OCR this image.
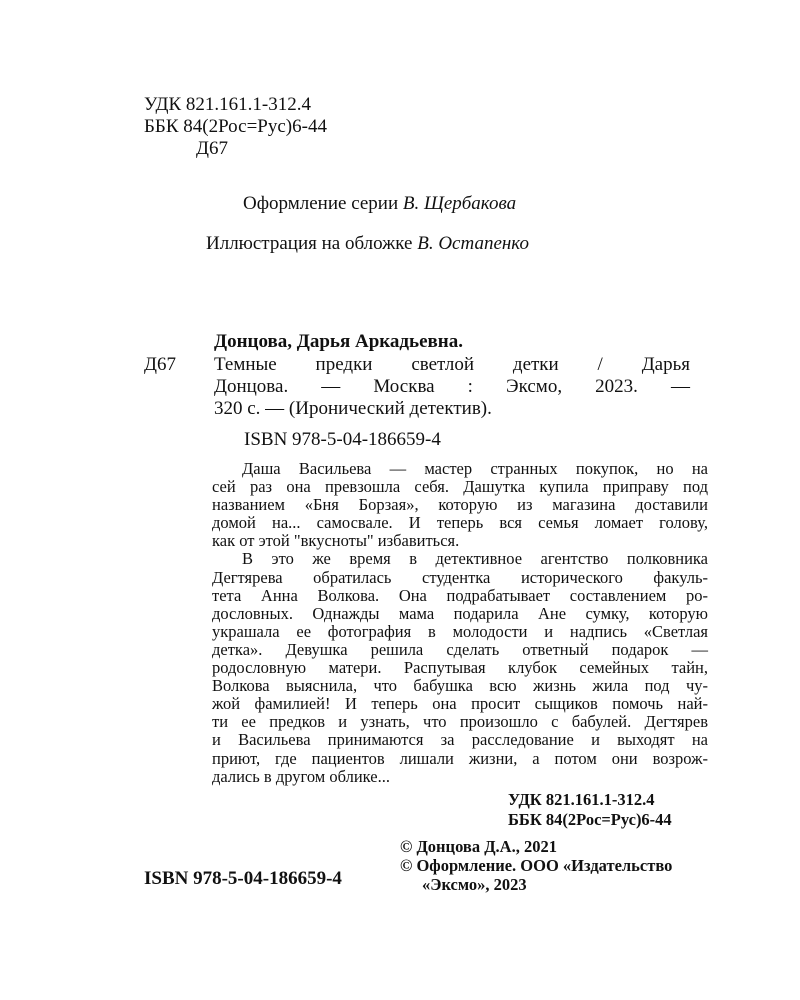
УДК 821.161.1-312.4
ББК 84(2Рос=Рус)6-44
Д67
Оформление серии В. Щербакова
Иллюстрация на обложке В. Остапенко
Донцова, Дарья Аркадьевна.
Д67 Темные предки светлой детки / Дарья
Донцова. — Москва : Эксмо, 2023. —
320 с. — (Иронический детектив).
ISBN 978-5-04-186659-4
Даша Васильева — мастер странных покупок, но на
сей раз она превзошла себя. Дашутка купила приправу под
названием «Бня Борзая», которую из магазина доставили
домой на... самосвале. И теперь вся семья ломает голову,
как от этой "вкусноты" избавиться.
В это же время в детективное агентство полковника
Дегтярева обратилась студентка исторического факуль-
тета Анна Волкова. Она подрабатывает составлением ро-
дословных. Однажды мама подарила Ане сумку, которую
украшала ее фотография в молодости и надпись «Светлая
детка». Девушка решила сделать ответный подарок —
родословную матери. Распутывая клубок семейных тайн,
Волкова выяснила, что бабушка всю жизнь жила под чу-
жой фамилией! И теперь она просит сыщиков помочь най-
ти ее предков и узнать, что произошло с бабулей. Дегтярев
и Васильева принимаются за расследование и выходят на
приют, где пациентов лишали жизни, а потом они возрож-
дались в другом облике...
УДК 821.161.1-312.4
ББК 84(2Рос=Рус)6-44
© Донцова Д.А., 2021
© Оформление. ООО «Издательство
«Эксмо», 2023
ISBN 978-5-04-186659-4
